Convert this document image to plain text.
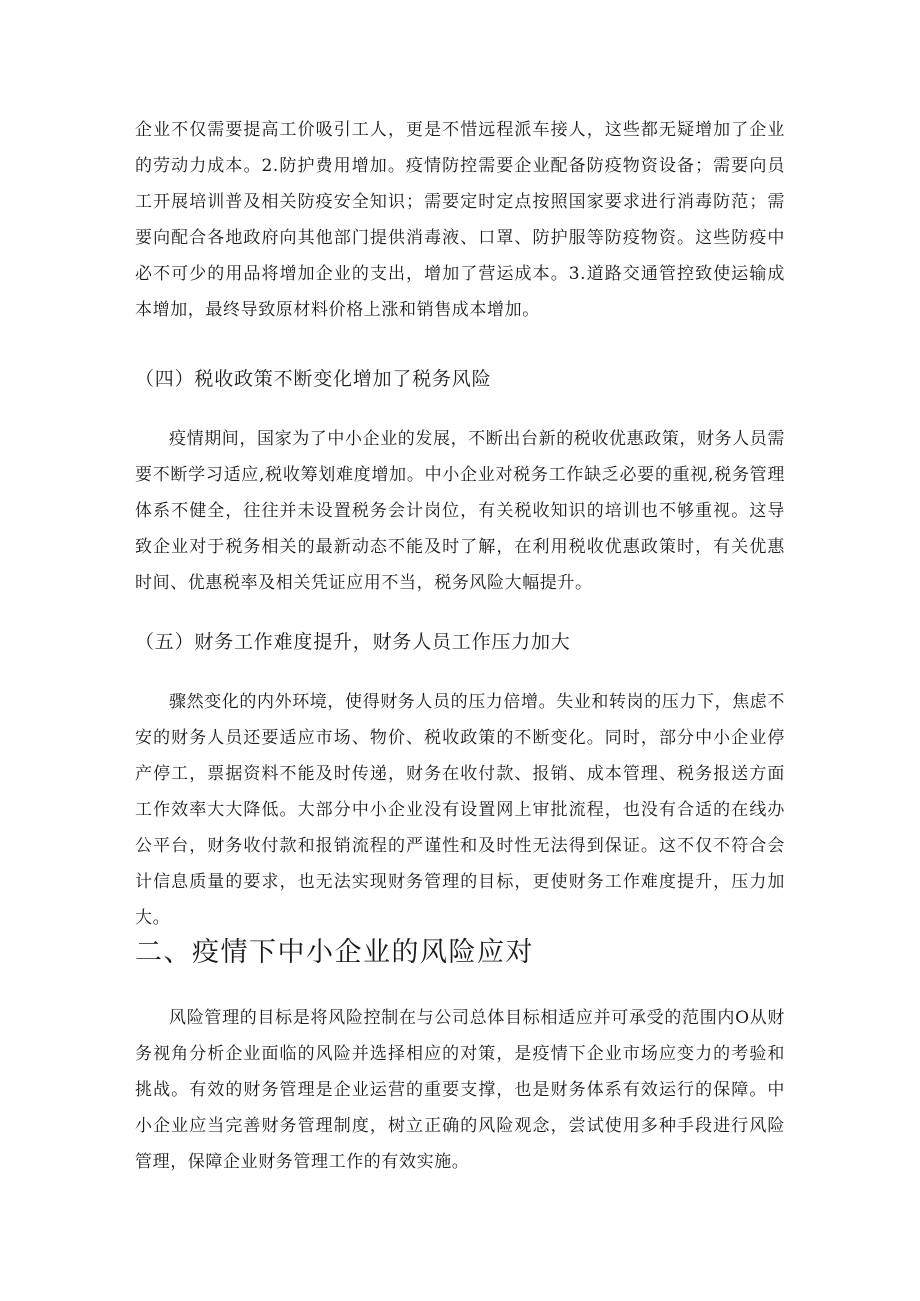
企业不仅需要提高工价吸引工人，更是不惜远程派车接人，这些都无疑增加了企业的劳动力成本。2.防护费用增加。疫情防控需要企业配备防疫物资设备；需要向员工开展培训普及相关防疫安全知识；需要定时定点按照国家要求进行消毒防范；需要向配合各地政府向其他部门提供消毒液、口罩、防护服等防疫物资。这些防疫中必不可少的用品将增加企业的支出，增加了营运成本。3.道路交通管控致使运输成本增加，最终导致原材料价格上涨和销售成本增加。

（四）税收政策不断变化增加了税务风险

疫情期间，国家为了中小企业的发展，不断出台新的税收优惠政策，财务人员需要不断学习适应,税收筹划难度增加。中小企业对税务工作缺乏必要的重视,税务管理体系不健全，往往并未设置税务会计岗位，有关税收知识的培训也不够重视。这导致企业对于税务相关的最新动态不能及时了解，在利用税收优惠政策时，有关优惠时间、优惠税率及相关凭证应用不当，税务风险大幅提升。

（五）财务工作难度提升，财务人员工作压力加大

骤然变化的内外环境，使得财务人员的压力倍增。失业和转岗的压力下，焦虑不安的财务人员还要适应市场、物价、税收政策的不断变化。同时，部分中小企业停产停工，票据资料不能及时传递，财务在收付款、报销、成本管理、税务报送方面工作效率大大降低。大部分中小企业没有设置网上审批流程，也没有合适的在线办公平台，财务收付款和报销流程的严谨性和及时性无法得到保证。这不仅不符合会计信息质量的要求，也无法实现财务管理的目标，更使财务工作难度提升，压力加大。

二、疫情下中小企业的风险应对

风险管理的目标是将风险控制在与公司总体目标相适应并可承受的范围内O从财务视角分析企业面临的风险并选择相应的对策，是疫情下企业市场应变力的考验和挑战。有效的财务管理是企业运营的重要支撑，也是财务体系有效运行的保障。中小企业应当完善财务管理制度，树立正确的风险观念，尝试使用多种手段进行风险管理，保障企业财务管理工作的有效实施。
